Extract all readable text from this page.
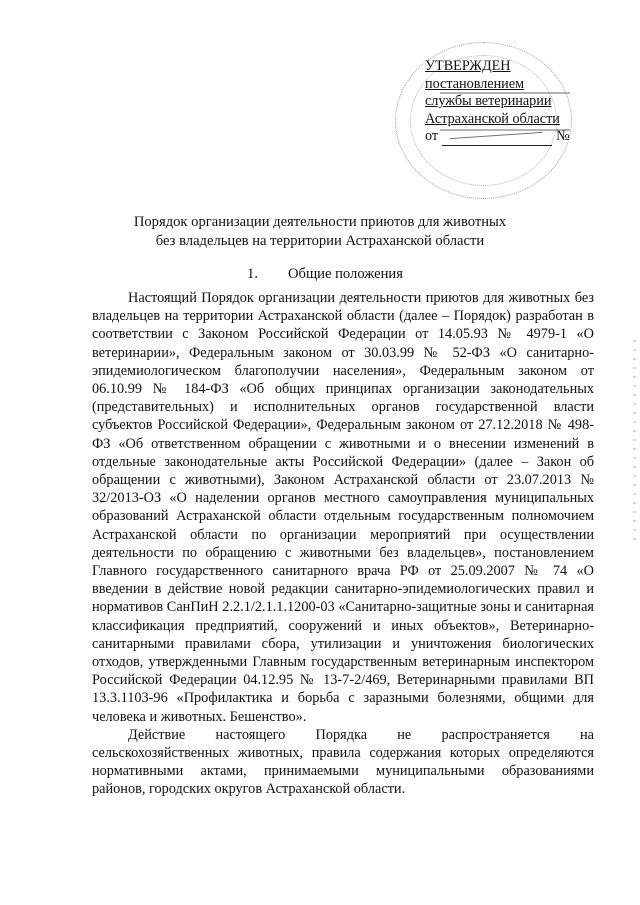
УТВЕРЖДЕН
постановлением
службы ветеринарии
Астраханской области
от	№
Порядок организации деятельности приютов для животных
без владельцев на территории Астраханской области
1. Общие положения

Настоящий Порядок организации деятельности приютов для животных без владельцев на территории Астраханской области (далее – Порядок) разработан в соответствии с Законом Российской Федерации от 14.05.93 № 4979-1 «О ветеринарии», Федеральным законом от 30.03.99 № 52-ФЗ «О санитарно-эпидемиологическом благополучии населения», Федеральным законом от 06.10.99 № 184-ФЗ «Об общих принципах организации законодательных (представительных) и исполнительных органов государственной власти субъектов Российской Федерации», Федеральным законом от 27.12.2018 № 498-ФЗ «Об ответственном обращении с животными и о внесении изменений в отдельные законодательные акты Российской Федерации» (далее – Закон об обращении с животными), Законом Астраханской области от 23.07.2013 № 32/2013-ОЗ «О наделении органов местного самоуправления муниципальных образований Астраханской области отдельным государственным полномочием Астраханской области по организации мероприятий при осуществлении деятельности по обращению с животными без владельцев», постановлением Главного государственного санитарного врача РФ от 25.09.2007 № 74 «О введении в действие новой редакции санитарно-эпидемиологических правил и нормативов СанПиН 2.2.1/2.1.1.1200-03 «Санитарно-защитные зоны и санитарная классификация предприятий, сооружений и иных объектов», Ветеринарно-санитарными правилами сбора, утилизации и уничтожения биологических отходов, утвержденными Главным государственным ветеринарным инспектором Российской Федерации 04.12.95 № 13-7-2/469, Ветеринарными правилами ВП 13.3.1103-96 «Профилактика и борьба с заразными болезнями, общими для человека и животных. Бешенство».

Действие настоящего Порядка не распространяется на сельскохозяйственных животных, правила содержания которых определяются нормативными актами, принимаемыми муниципальными образованиями районов, городских округов Астраханской области.
